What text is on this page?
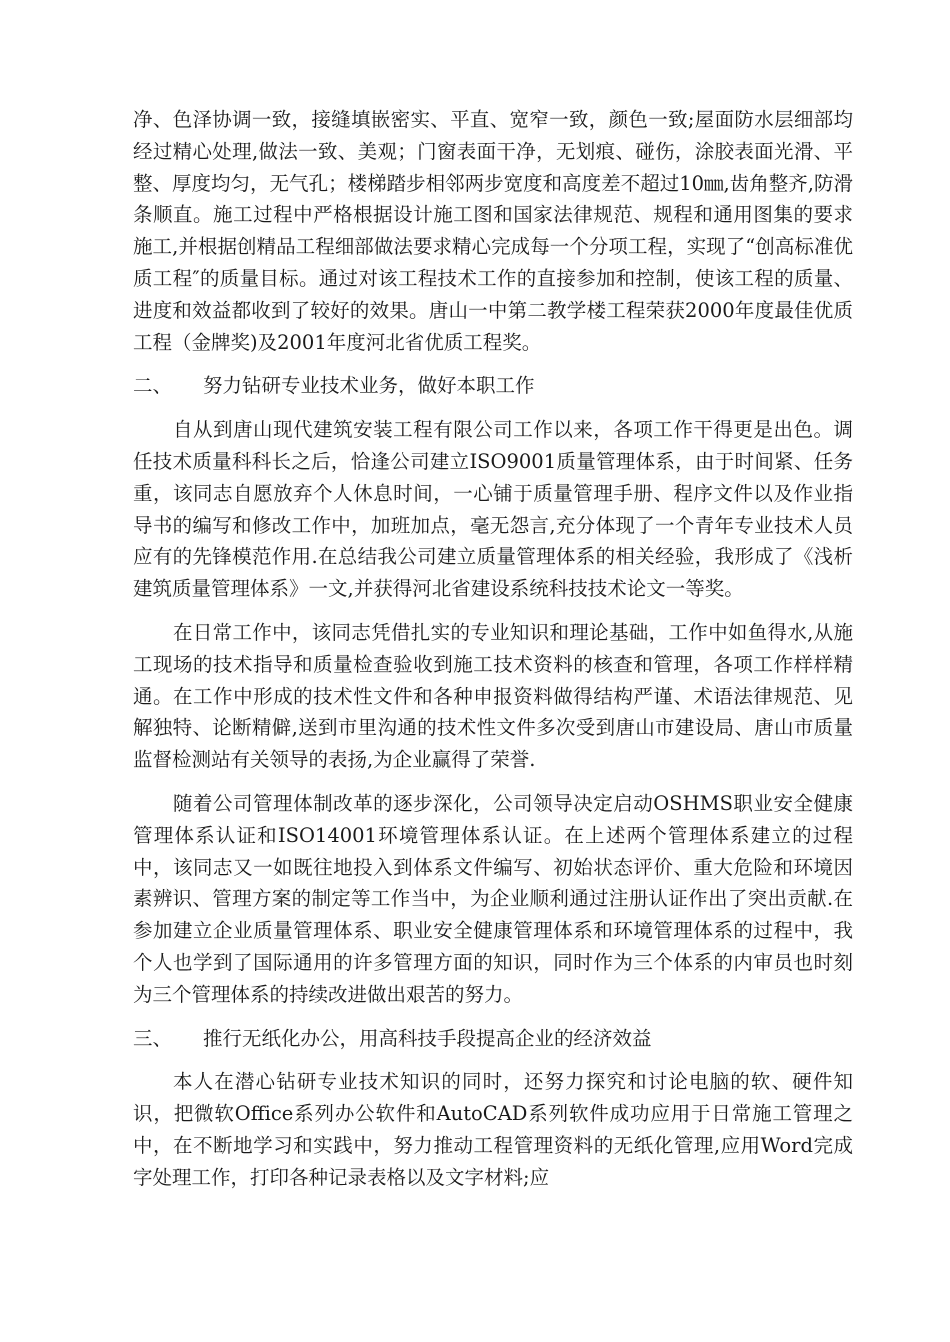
净、色泽协调一致，接缝填嵌密实、平直、宽窄一致，颜色一致;屋面防水层细部均经过精心处理,做法一致、美观；门窗表面干净，无划痕、碰伤，涂胶表面光滑、平整、厚度均匀，无气孔；楼梯踏步相邻两步宽度和高度差不超过10㎜,齿角整齐,防滑条顺直。施工过程中严格根据设计施工图和国家法律规范、规程和通用图集的要求施工,并根据创精品工程细部做法要求精心完成每一个分项工程，实现了“创高标准优质工程″的质量目标。通过对该工程技术工作的直接参加和控制，使该工程的质量、进度和效益都收到了较好的效果。唐山一中第二教学楼工程荣获2000年度最佳优质工程（金牌奖)及2001年度河北省优质工程奖。

二、 努力钻研专业技术业务，做好本职工作

自从到唐山现代建筑安装工程有限公司工作以来，各项工作干得更是出色。调任技术质量科科长之后，恰逢公司建立ISO9001质量管理体系，由于时间紧、任务重，该同志自愿放弃个人休息时间，一心铺于质量管理手册、程序文件以及作业指导书的编写和修改工作中，加班加点，毫无怨言,充分体现了一个青年专业技术人员应有的先锋模范作用.在总结我公司建立质量管理体系的相关经验，我形成了《浅析建筑质量管理体系》一文,并获得河北省建设系统科技技术论文一等奖。

在日常工作中，该同志凭借扎实的专业知识和理论基础，工作中如鱼得水,从施工现场的技术指导和质量检查验收到施工技术资料的核查和管理，各项工作样样精通。在工作中形成的技术性文件和各种申报资料做得结构严谨、术语法律规范、见解独特、论断精僻,送到市里沟通的技术性文件多次受到唐山市建设局、唐山市质量监督检测站有关领导的表扬,为企业赢得了荣誉.

随着公司管理体制改革的逐步深化，公司领导决定启动OSHMS职业安全健康管理体系认证和ISO14001环境管理体系认证。在上述两个管理体系建立的过程中，该同志又一如既往地投入到体系文件编写、初始状态评价、重大危险和环境因素辨识、管理方案的制定等工作当中，为企业顺利通过注册认证作出了突出贡献.在参加建立企业质量管理体系、职业安全健康管理体系和环境管理体系的过程中，我个人也学到了国际通用的许多管理方面的知识，同时作为三个体系的内审员也时刻为三个管理体系的持续改进做出艰苦的努力。

三、 推行无纸化办公，用高科技手段提高企业的经济效益

本人在潜心钻研专业技术知识的同时，还努力探究和讨论电脑的软、硬件知识，把微软Office系列办公软件和AutoCAD系列软件成功应用于日常施工管理之中，在不断地学习和实践中，努力推动工程管理资料的无纸化管理,应用Word完成字处理工作，打印各种记录表格以及文字材料;应
